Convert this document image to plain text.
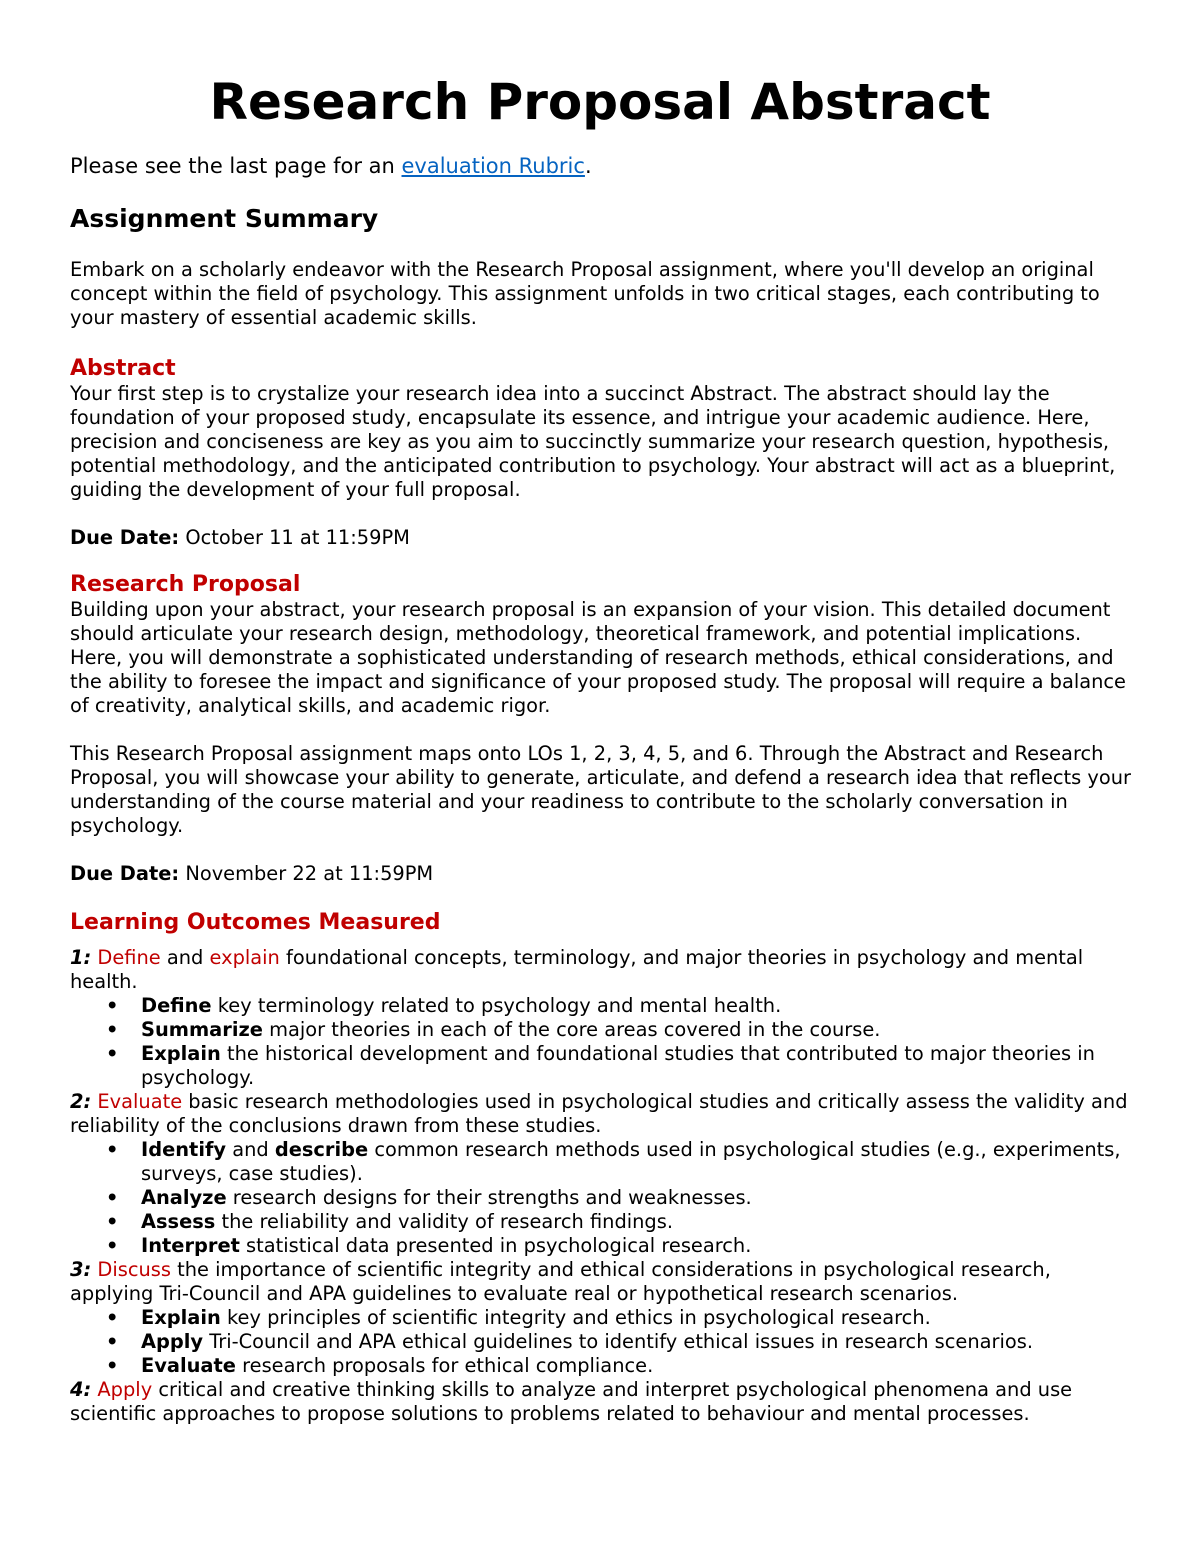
Research Proposal Abstract

Please see the last page for an evaluation Rubric.

Assignment Summary

Embark on a scholarly endeavor with the Research Proposal assignment, where you'll develop an original concept within the field of psychology. This assignment unfolds in two critical stages, each contributing to your mastery of essential academic skills.

Abstract

Your first step is to crystalize your research idea into a succinct Abstract. The abstract should lay the foundation of your proposed study, encapsulate its essence, and intrigue your academic audience. Here, precision and conciseness are key as you aim to succinctly summarize your research question, hypothesis, potential methodology, and the anticipated contribution to psychology. Your abstract will act as a blueprint, guiding the development of your full proposal.

Due Date: October 11 at 11:59PM

Research Proposal

Building upon your abstract, your research proposal is an expansion of your vision. This detailed document should articulate your research design, methodology, theoretical framework, and potential implications. Here, you will demonstrate a sophisticated understanding of research methods, ethical considerations, and the ability to foresee the impact and significance of your proposed study. The proposal will require a balance of creativity, analytical skills, and academic rigor.

This Research Proposal assignment maps onto LOs 1, 2, 3, 4, 5, and 6. Through the Abstract and Research Proposal, you will showcase your ability to generate, articulate, and defend a research idea that reflects your understanding of the course material and your readiness to contribute to the scholarly conversation in psychology.

Due Date: November 22 at 11:59PM

Learning Outcomes Measured

1: Define and explain foundational concepts, terminology, and major theories in psychology and mental health.

• Define key terminology related to psychology and mental health.
• Summarize major theories in each of the core areas covered in the course.
• Explain the historical development and foundational studies that contributed to major theories in psychology.

2: Evaluate basic research methodologies used in psychological studies and critically assess the validity and reliability of the conclusions drawn from these studies.

• Identify and describe common research methods used in psychological studies (e.g., experiments, surveys, case studies).
• Analyze research designs for their strengths and weaknesses.
• Assess the reliability and validity of research findings.
• Interpret statistical data presented in psychological research.

3: Discuss the importance of scientific integrity and ethical considerations in psychological research, applying Tri-Council and APA guidelines to evaluate real or hypothetical research scenarios.

• Explain key principles of scientific integrity and ethics in psychological research.
• Apply Tri-Council and APA ethical guidelines to identify ethical issues in research scenarios.
• Evaluate research proposals for ethical compliance.

4: Apply critical and creative thinking skills to analyze and interpret psychological phenomena and use scientific approaches to propose solutions to problems related to behaviour and mental processes.
